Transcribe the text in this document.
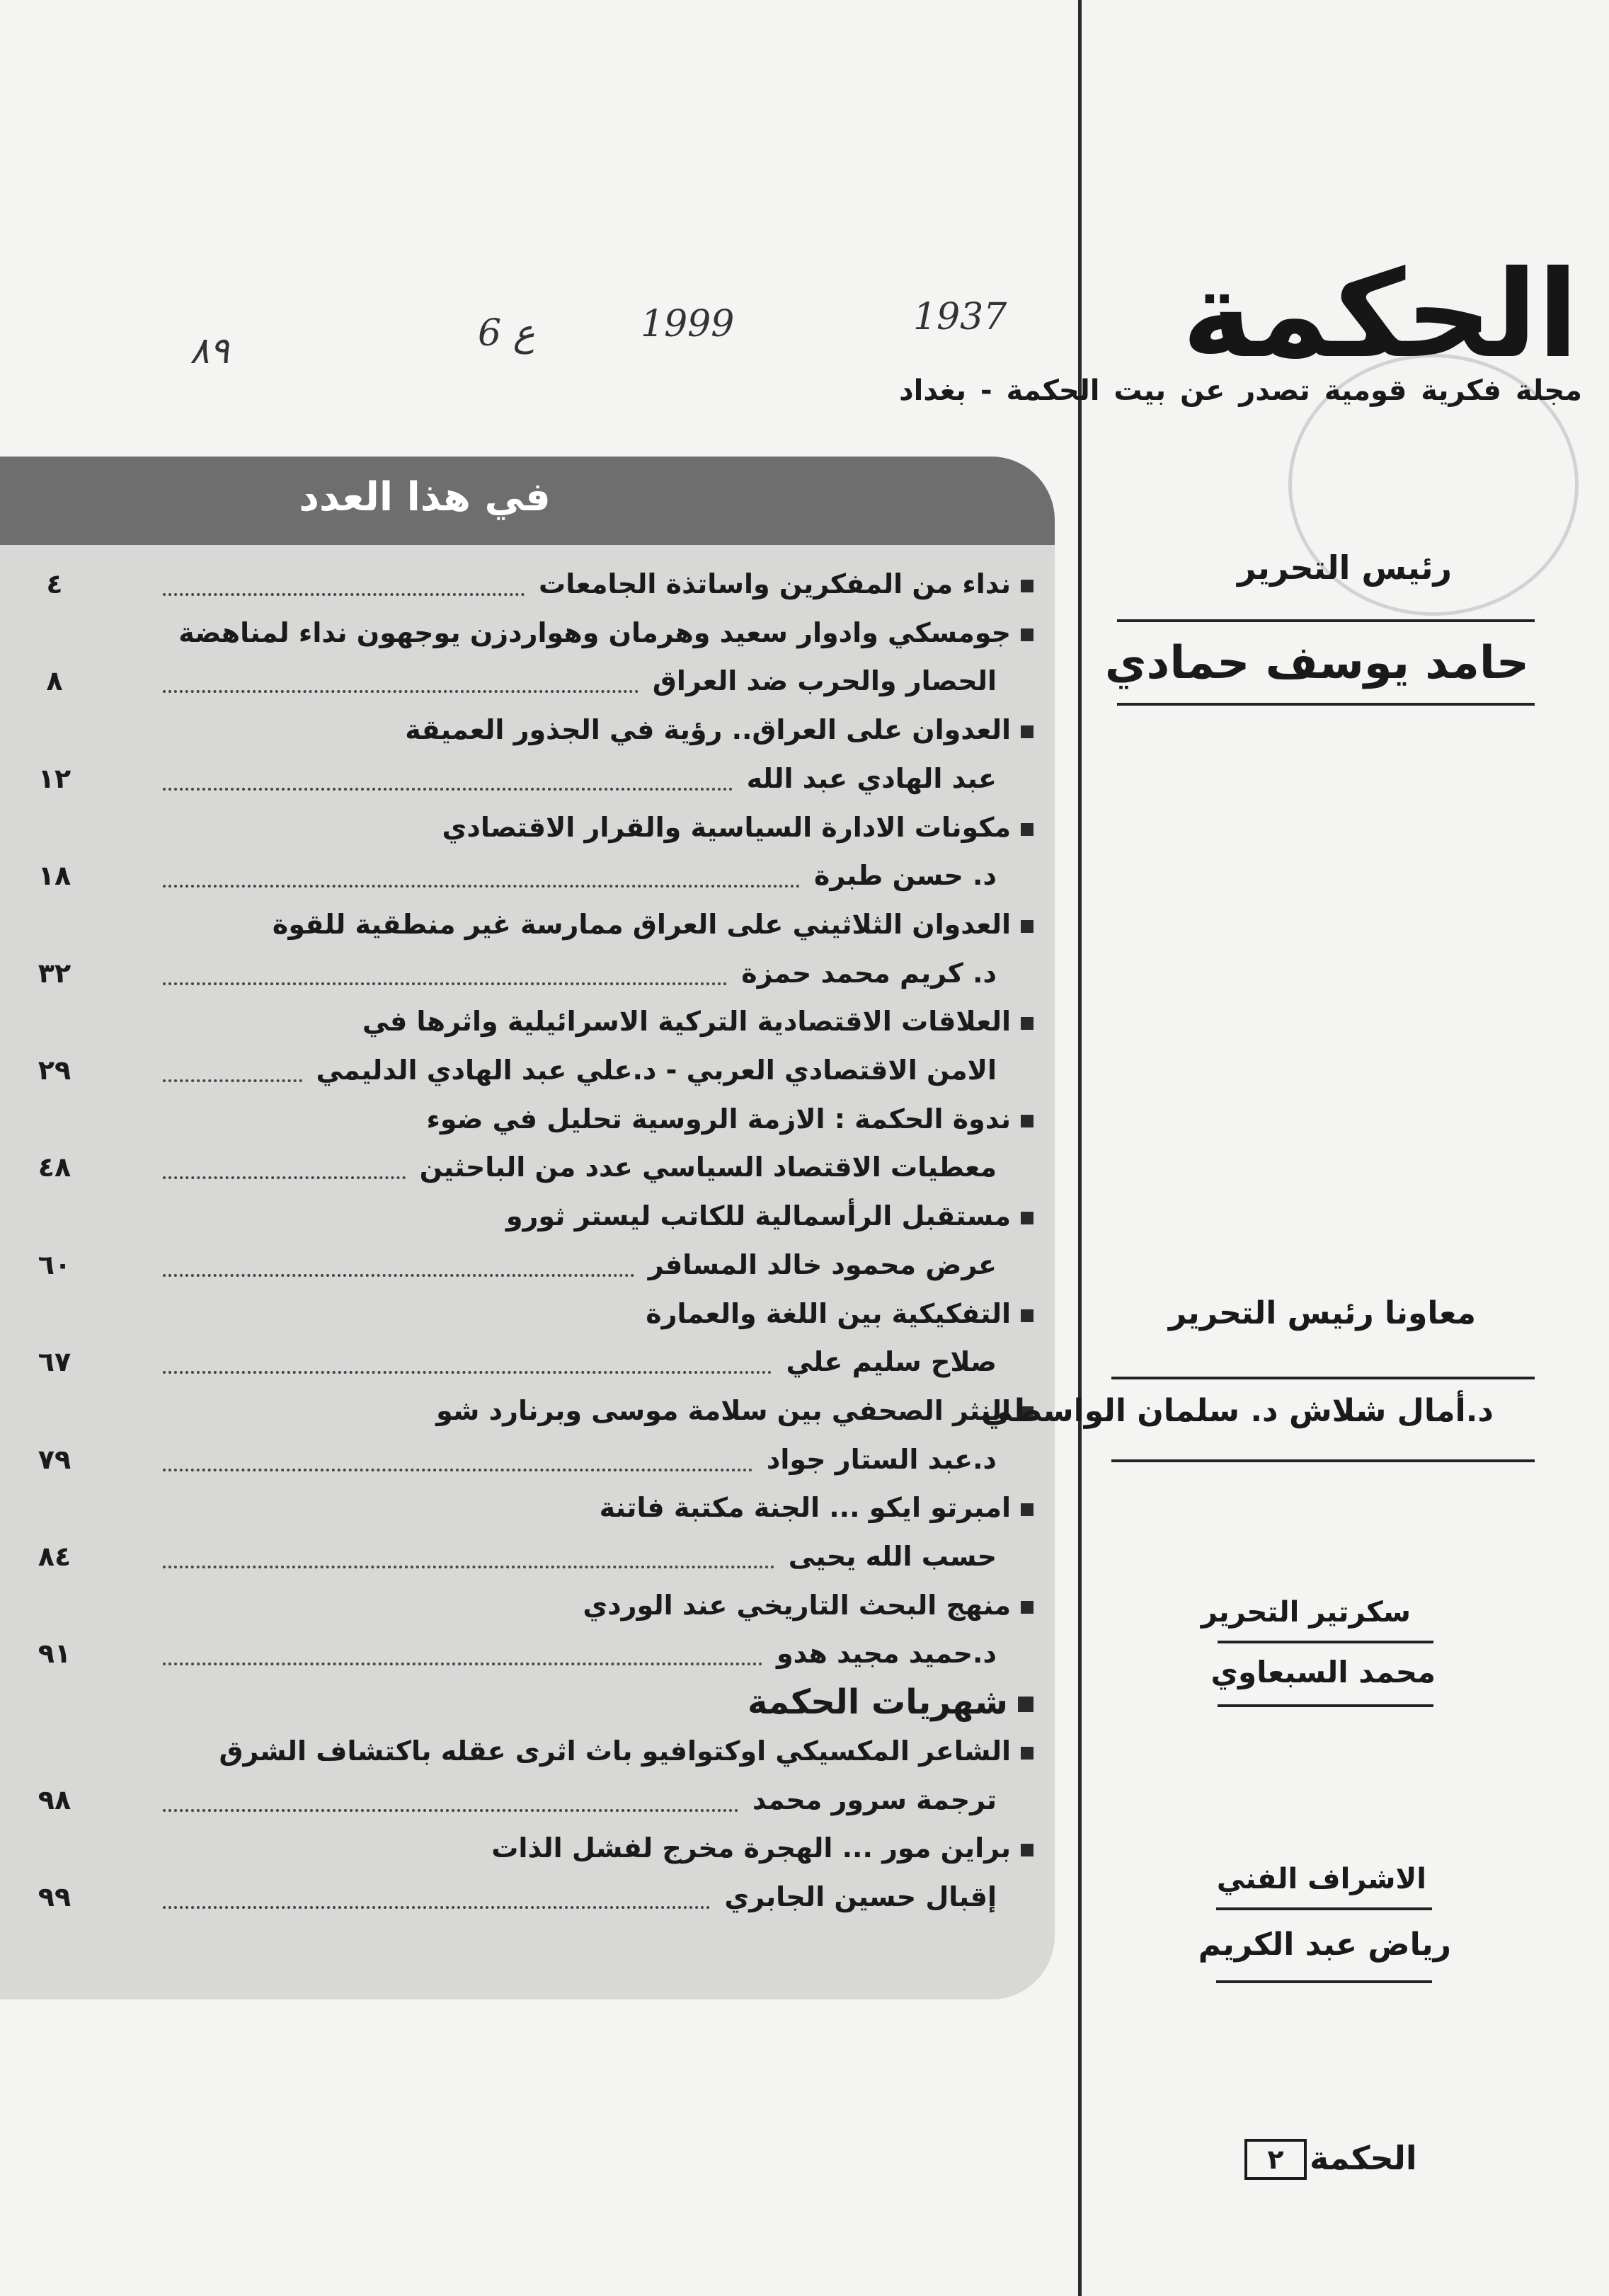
الحكمة
مجلة فكرية قومية تصدر عن بيت الحكمة - بغداد
٨٩	ع 6	1999	1937
في هذا العدد
نداء من المفكرين واساتذة الجامعات
٤
جومسكي وادوار سعيد وهرمان وهواردزن يوجهون نداء لمناهضة
الحصار والحرب ضد العراق
٨
العدوان على العراق.. رؤية في الجذور العميقة
عبد الهادي عبد الله
١٢
مكونات الادارة السياسية والقرار الاقتصادي
د. حسن طبرة
١٨
العدوان الثلاثيني على العراق ممارسة غير منطقية للقوة
د. كريم محمد حمزة
٣٢
العلاقات الاقتصادية التركية الاسرائيلية واثرها في
الامن الاقتصادي العربي - د.علي عبد الهادي الدليمي
٢٩
ندوة الحكمة : الازمة الروسية تحليل في ضوء
معطيات الاقتصاد السياسي عدد من الباحثين
٤٨
مستقبل الرأسمالية للكاتب ليستر ثورو
عرض محمود خالد المسافر
٦٠
التفكيكية بين اللغة والعمارة
صلاح سليم علي
٦٧
النثر الصحفي بين سلامة موسى وبرنارد شو
د.عبد الستار جواد
٧٩
امبرتو ايكو ... الجنة مكتبة فاتنة
حسب الله يحيى
٨٤
منهج البحث التاريخي عند الوردي
د.حميد مجيد هدو
٩١
شهريات الحكمة
الشاعر المكسيكي اوكتوافيو باث اثرى عقله باكتشاف الشرق
ترجمة سرور محمد
٩٨
براين مور ... الهجرة مخرج لفشل الذات
إقبال حسين الجابري
٩٩
رئيس التحرير
حامد يوسف حمادي
معاونا رئيس التحرير
د.أمال شلاش د. سلمان الواسطي
سكرتير التحرير
محمد السبعاوي
الاشراف الفني
رياض عبد الكريم
الحكمة
٢
